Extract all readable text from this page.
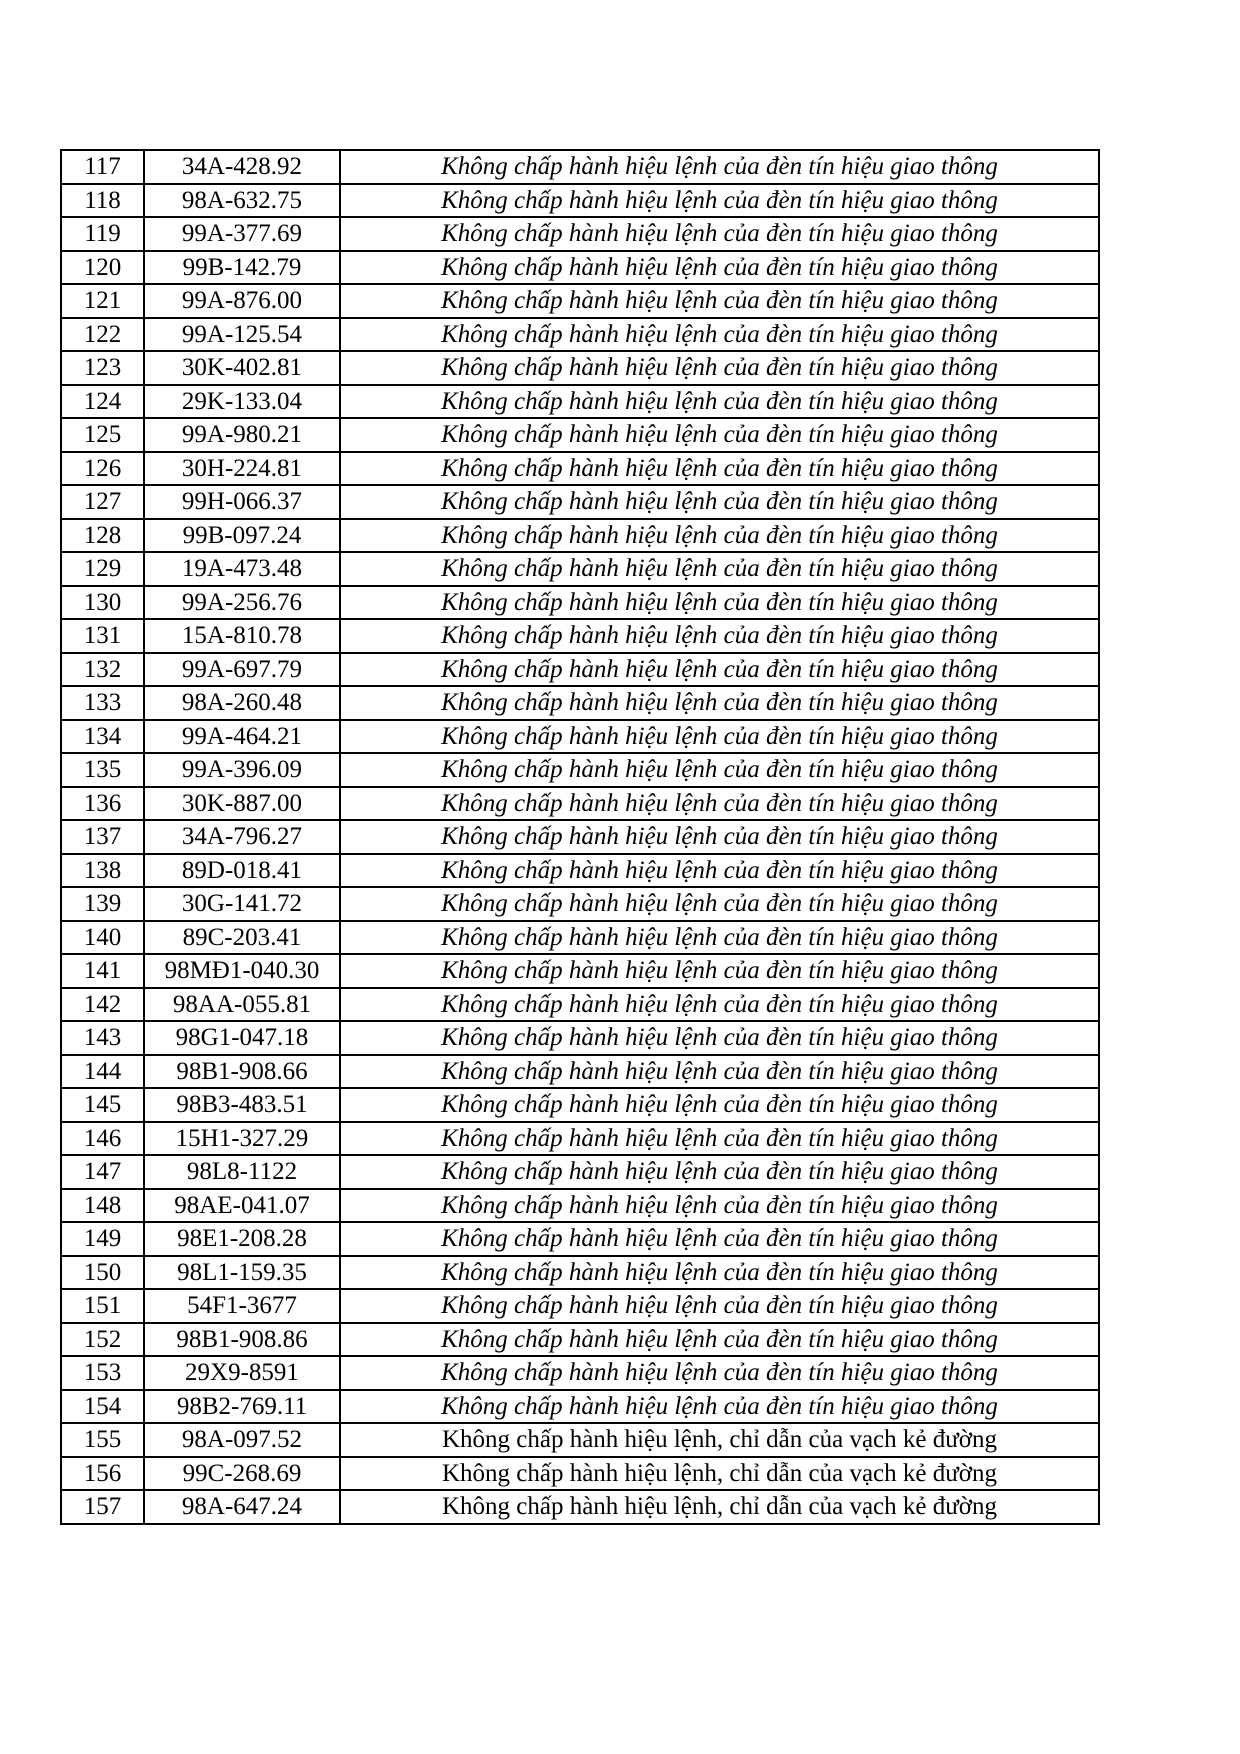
117	34A-428.92	Không chấp hành hiệu lệnh của đèn tín hiệu giao thông
118	98A-632.75	Không chấp hành hiệu lệnh của đèn tín hiệu giao thông
119	99A-377.69	Không chấp hành hiệu lệnh của đèn tín hiệu giao thông
120	99B-142.79	Không chấp hành hiệu lệnh của đèn tín hiệu giao thông
121	99A-876.00	Không chấp hành hiệu lệnh của đèn tín hiệu giao thông
122	99A-125.54	Không chấp hành hiệu lệnh của đèn tín hiệu giao thông
123	30K-402.81	Không chấp hành hiệu lệnh của đèn tín hiệu giao thông
124	29K-133.04	Không chấp hành hiệu lệnh của đèn tín hiệu giao thông
125	99A-980.21	Không chấp hành hiệu lệnh của đèn tín hiệu giao thông
126	30H-224.81	Không chấp hành hiệu lệnh của đèn tín hiệu giao thông
127	99H-066.37	Không chấp hành hiệu lệnh của đèn tín hiệu giao thông
128	99B-097.24	Không chấp hành hiệu lệnh của đèn tín hiệu giao thông
129	19A-473.48	Không chấp hành hiệu lệnh của đèn tín hiệu giao thông
130	99A-256.76	Không chấp hành hiệu lệnh của đèn tín hiệu giao thông
131	15A-810.78	Không chấp hành hiệu lệnh của đèn tín hiệu giao thông
132	99A-697.79	Không chấp hành hiệu lệnh của đèn tín hiệu giao thông
133	98A-260.48	Không chấp hành hiệu lệnh của đèn tín hiệu giao thông
134	99A-464.21	Không chấp hành hiệu lệnh của đèn tín hiệu giao thông
135	99A-396.09	Không chấp hành hiệu lệnh của đèn tín hiệu giao thông
136	30K-887.00	Không chấp hành hiệu lệnh của đèn tín hiệu giao thông
137	34A-796.27	Không chấp hành hiệu lệnh của đèn tín hiệu giao thông
138	89D-018.41	Không chấp hành hiệu lệnh của đèn tín hiệu giao thông
139	30G-141.72	Không chấp hành hiệu lệnh của đèn tín hiệu giao thông
140	89C-203.41	Không chấp hành hiệu lệnh của đèn tín hiệu giao thông
141	98MĐ1-040.30	Không chấp hành hiệu lệnh của đèn tín hiệu giao thông
142	98AA-055.81	Không chấp hành hiệu lệnh của đèn tín hiệu giao thông
143	98G1-047.18	Không chấp hành hiệu lệnh của đèn tín hiệu giao thông
144	98B1-908.66	Không chấp hành hiệu lệnh của đèn tín hiệu giao thông
145	98B3-483.51	Không chấp hành hiệu lệnh của đèn tín hiệu giao thông
146	15H1-327.29	Không chấp hành hiệu lệnh của đèn tín hiệu giao thông
147	98L8-1122	Không chấp hành hiệu lệnh của đèn tín hiệu giao thông
148	98AE-041.07	Không chấp hành hiệu lệnh của đèn tín hiệu giao thông
149	98E1-208.28	Không chấp hành hiệu lệnh của đèn tín hiệu giao thông
150	98L1-159.35	Không chấp hành hiệu lệnh của đèn tín hiệu giao thông
151	54F1-3677	Không chấp hành hiệu lệnh của đèn tín hiệu giao thông
152	98B1-908.86	Không chấp hành hiệu lệnh của đèn tín hiệu giao thông
153	29X9-8591	Không chấp hành hiệu lệnh của đèn tín hiệu giao thông
154	98B2-769.11	Không chấp hành hiệu lệnh của đèn tín hiệu giao thông
155	98A-097.52	Không chấp hành hiệu lệnh, chỉ dẫn của vạch kẻ đường
156	99C-268.69	Không chấp hành hiệu lệnh, chỉ dẫn của vạch kẻ đường
157	98A-647.24	Không chấp hành hiệu lệnh, chỉ dẫn của vạch kẻ đường
